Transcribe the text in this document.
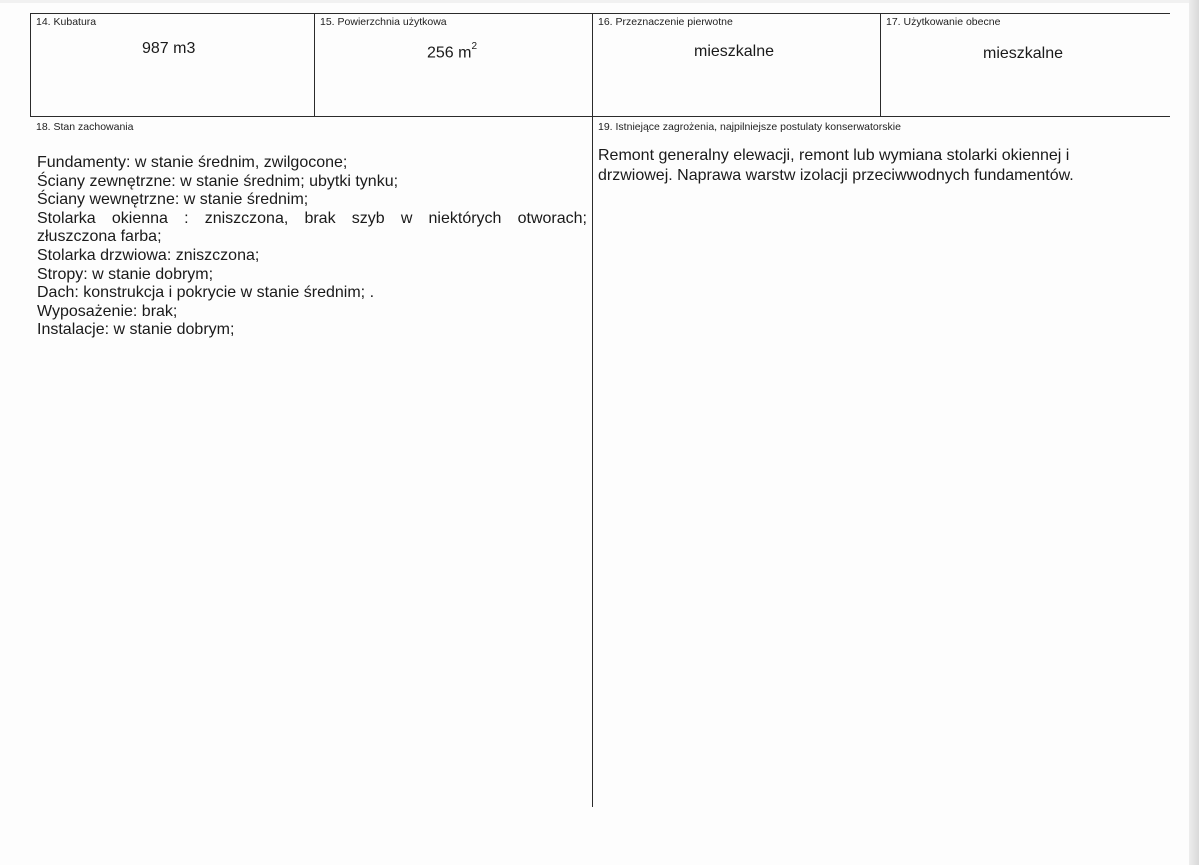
14. Kubatura
987 m3
15. Powierzchnia użytkowa
256 $m^2$
16. Przeznaczenie pierwotne
mieszkalne
17. Użytkowanie obecne
mieszkalne
18. Stan zachowania
Fundamenty: w stanie średnim, zwilgocone;
Ściany zewnętrzne: w stanie średnim; ubytki tynku;
Ściany wewnętrzne: w stanie średnim;
Stolarka okienna : zniszczona, brak szyb w niektórych otworach;
złuszczona farba;
Stolarka drzwiowa: zniszczona;
Stropy: w stanie dobrym;
Dach: konstrukcja i pokrycie w stanie średnim; .
Wyposażenie: brak;
Instalacje: w stanie dobrym;
19. Istniejące zagrożenia, najpilniejsze postulaty konserwatorskie
Remont generalny elewacji, remont lub wymiana stolarki okiennej i drzwiowej. Naprawa warstw izolacji przeciwwodnych fundamentów.
